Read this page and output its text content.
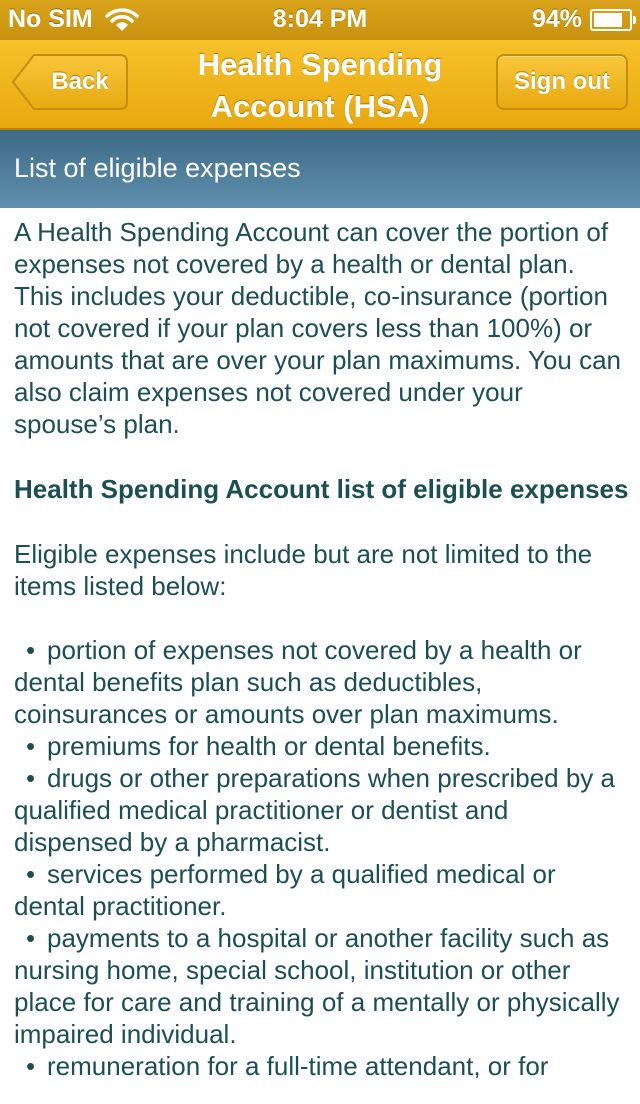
No SIM	8:04 PM	94%
Back	Health Spending
Account (HSA)
Sign out
List of eligible expenses

A Health Spending Account can cover the portion of expenses not covered by a health or dental plan. This includes your deductible, co-insurance (portion not covered if your plan covers less than 100%) or amounts that are over your plan maximums. You can also claim expenses not covered under your spouse’s plan.

Health Spending Account list of eligible expenses

Eligible expenses include but are not limited to the items listed below:

• portion of expenses not covered by a health or dental benefits plan such as deductibles, coinsurances or amounts over plan maximums.

• premiums for health or dental benefits.

• drugs or other preparations when prescribed by a qualified medical practitioner or dentist and dispensed by a pharmacist.

• services performed by a qualified medical or dental practitioner.

• payments to a hospital or another facility such as nursing home, special school, institution or other place for care and training of a mentally or physically impaired individual.

• remuneration for a full-time attendant, or for
